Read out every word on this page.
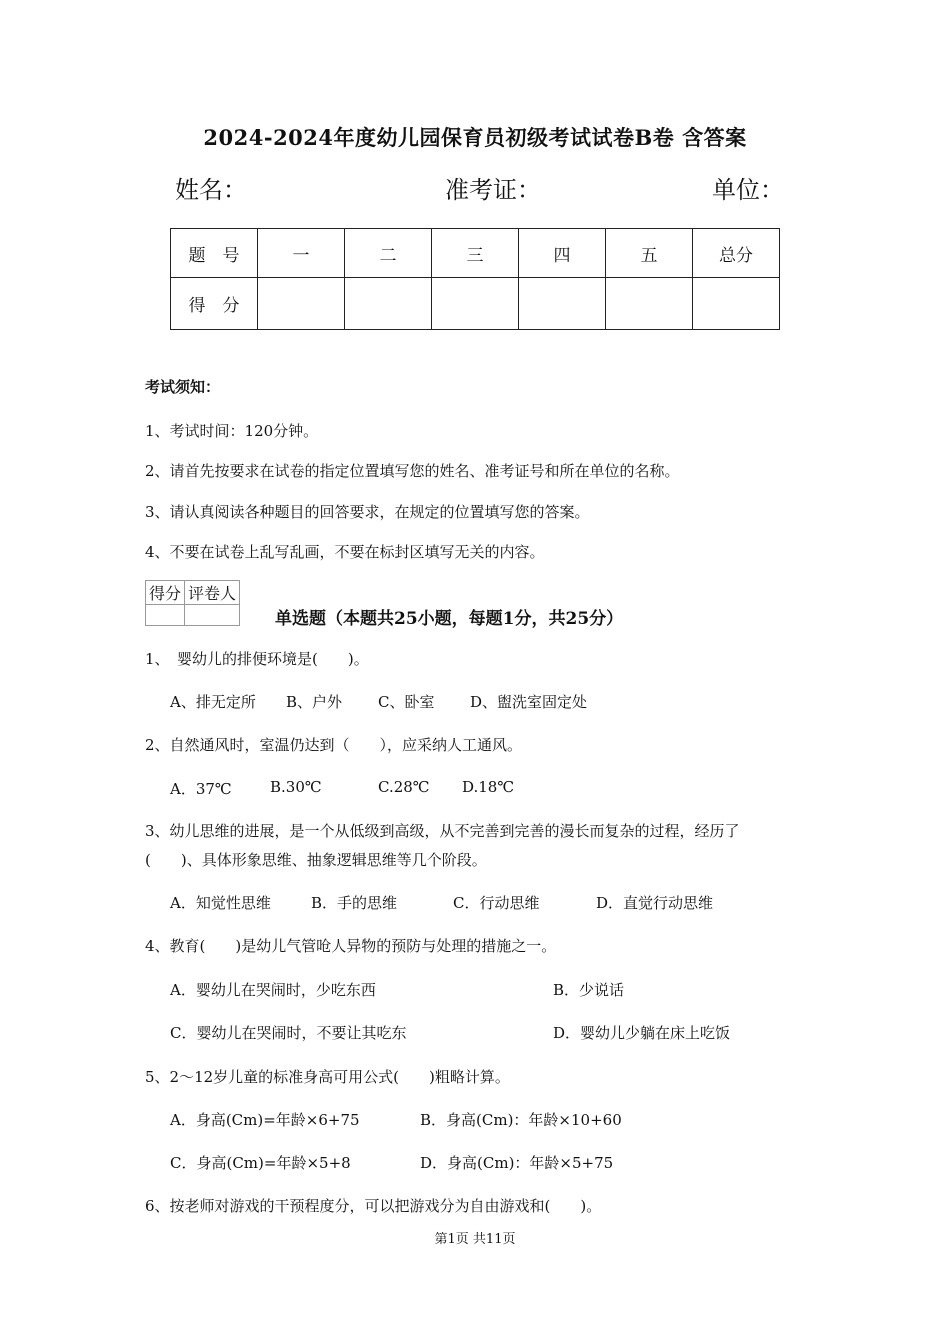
2024-2024年度幼儿园保育员初级考试试卷B卷 含答案
姓名：	准考证：	单位：
题　号	一	二	三	四	五	总分
得　分						
考试须知：
1、考试时间：120分钟。
2、请首先按要求在试卷的指定位置填写您的姓名、准考证号和所在单位的名称。
3、请认真阅读各种题目的回答要求，在规定的位置填写您的答案。
4、不要在试卷上乱写乱画，不要在标封区填写无关的内容。
得分	评卷人

单选题（本题共25小题，每题1分，共25分）
1、　婴幼儿的排便环境是(　　)。
A、排无定所 B、户外 C、卧室 D、盥洗室固定处
2、自然通风时，室温仍达到（　　），应采纳人工通风。
A．37℃	B.30℃	C.28℃ D.18℃
3、幼儿思维的进展，是一个从低级到高级，从不完善到完善的漫长而复杂的过程，经历了
(　　)、具体形象思维、抽象逻辑思维等几个阶段。
A．知觉性思维	B．手的思维	C．行动思维	D．直觉行动思维
4、教育(　　)是幼儿气管呛人异物的预防与处理的措施之一。
A．婴幼儿在哭闹时，少吃东西	B．少说话
C．婴幼儿在哭闹时，不要让其吃东	D．婴幼儿少躺在床上吃饭
5、2～12岁儿童的标准身高可用公式(　　)粗略计算。
A．身高(Cm)=年龄×6+75	B．身高(Cm)：年龄×10+60
C．身高(Cm)=年龄×5+8	D．身高(Cm)：年龄×5+75
6、按老师对游戏的干预程度分，可以把游戏分为自由游戏和(　　)。
第1页 共11页
